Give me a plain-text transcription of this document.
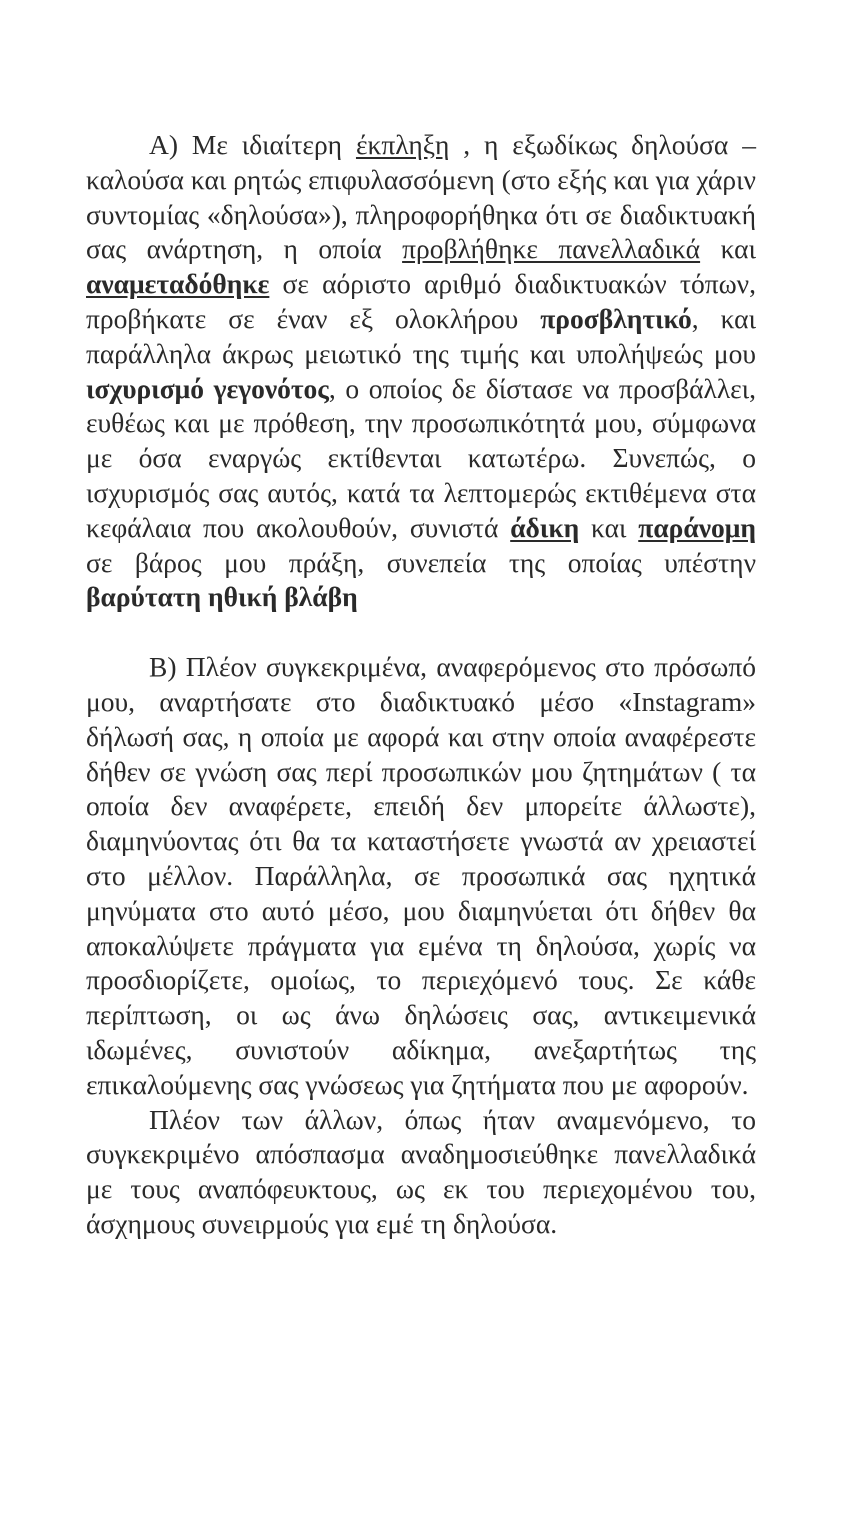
A) Με ιδιαίτερη έκπληξη , η εξωδίκως δηλούσα – καλούσα και ρητώς επιφυλασσόμενη (στο εξής και για χάριν συντομίας «δηλούσα»), πληροφορήθηκα ότι σε διαδικτυακή σας ανάρτηση, η οποία προβλήθηκε πανελλαδικά και αναμεταδόθηκε σε αόριστο αριθμό διαδικτυακών τόπων, προβήκατε σε έναν εξ ολοκλήρου προσβλητικό, και παράλληλα άκρως μειωτικό της τιμής και υπολήψεώς μου ισχυρισμό γεγονότος, ο οποίος δε δίστασε να προσβάλλει, ευθέως και με πρόθεση, την προσωπικότητά μου, σύμφωνα με όσα εναργώς εκτίθενται κατωτέρω. Συνεπώς, ο ισχυρισμός σας αυτός, κατά τα λεπτομερώς εκτιθέμενα στα κεφάλαια που ακολουθούν, συνιστά άδικη και παράνομη σε βάρος μου πράξη, συνεπεία της οποίας υπέστην βαρύτατη ηθική βλάβη

Β) Πλέον συγκεκριμένα, αναφερόμενος στο πρόσωπό μου, αναρτήσατε στο διαδικτυακό μέσο «Instagram» δήλωσή σας, η οποία με αφορά και στην οποία αναφέρεστε δήθεν σε γνώση σας περί προσωπικών μου ζητημάτων ( τα οποία δεν αναφέρετε, επειδή δεν μπορείτε άλλωστε), διαμηνύοντας ότι θα τα καταστήσετε γνωστά αν χρειαστεί στο μέλλον. Παράλληλα, σε προσωπικά σας ηχητικά μηνύματα στο αυτό μέσο, μου διαμηνύεται ότι δήθεν θα αποκαλύψετε πράγματα για εμένα τη δηλούσα, χωρίς να προσδιορίζετε, ομοίως, το περιεχόμενό τους. Σε κάθε περίπτωση, οι ως άνω δηλώσεις σας, αντικειμενικά ιδωμένες, συνιστούν αδίκημα, ανεξαρτήτως της επικαλούμενης σας γνώσεως για ζητήματα που με αφορούν.

Πλέον των άλλων, όπως ήταν αναμενόμενο, το συγκεκριμένο απόσπασμα αναδημοσιεύθηκε πανελλαδικά με τους αναπόφευκτους, ως εκ του περιεχομένου του, άσχημους συνειρμούς για εμέ τη δηλούσα.
